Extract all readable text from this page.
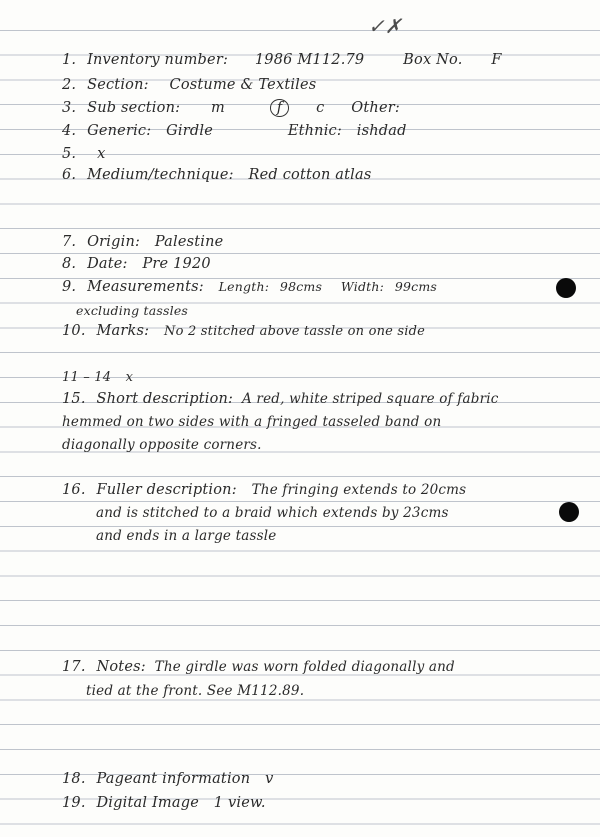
✓✗
1. Inventory number: 1986 M112.79	Box No. F
2. Section: Costume & Textiles
3. Sub section: m	f c Other:
4. Generic: Girdle	Ethnic: ishdad
5. x
6. Medium/technique: Red cotton atlas
7. Origin: Palestine
8. Date: Pre 1920
9. Measurements: Length: 98cms Width: 99cms
excluding tassles
10. Marks: No 2 stitched above tassle on one side
11 – 14 x
15. Short description: A red, white striped square of fabric
hemmed on two sides with a fringed tasseled band on
diagonally opposite corners.
16. Fuller description: The fringing extends to 20cms
and is stitched to a braid which extends by 23cms
and ends in a large tassle
17. Notes: The girdle was worn folded diagonally and
tied at the front. See M112.89.
18. Pageant information v
19. Digital Image 1 view.
